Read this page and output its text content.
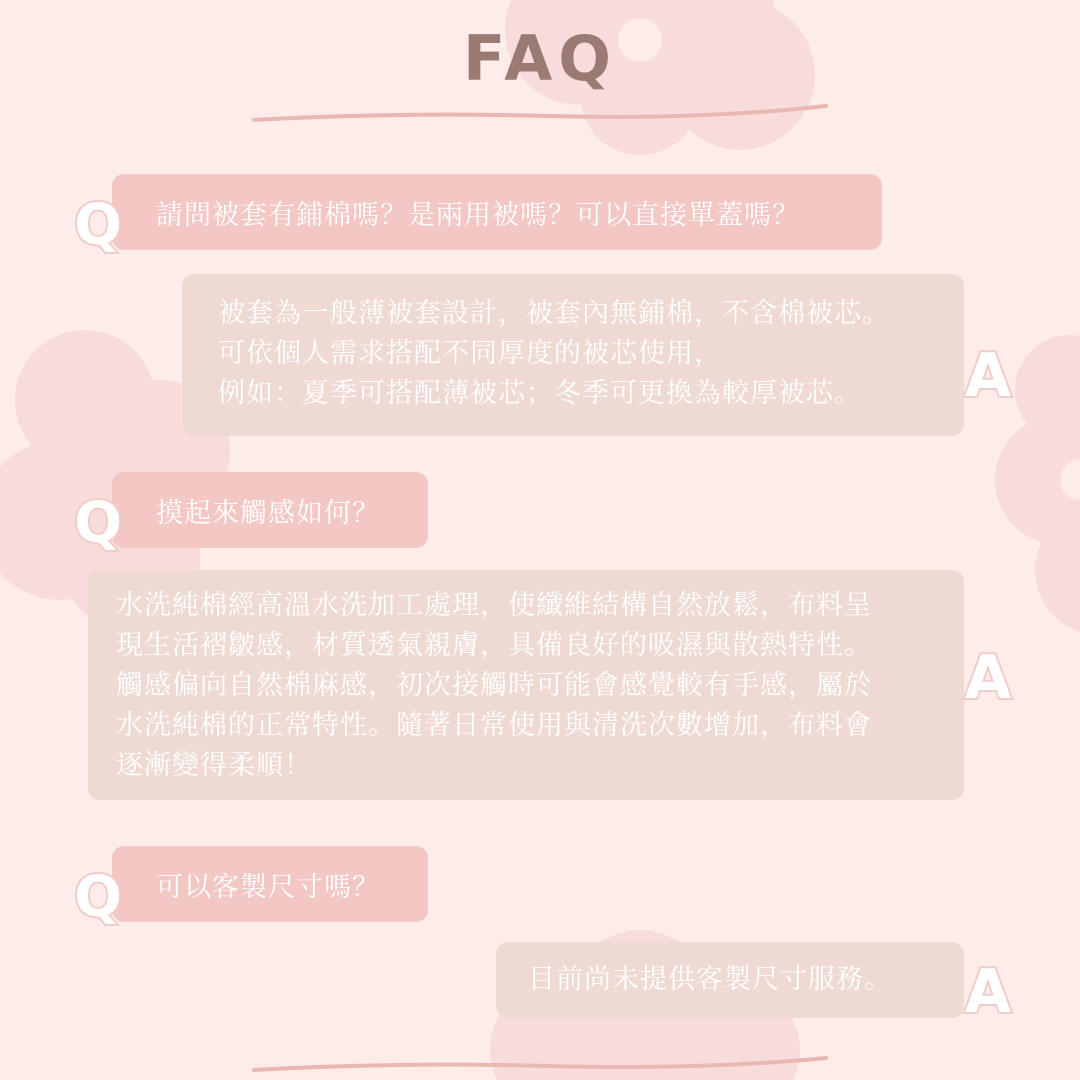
FAQ
請問被套有鋪棉嗎？是兩用被嗎？可以直接單蓋嗎？
Q
被套為一般薄被套設計，被套內無鋪棉，不含棉被芯。
可依個人需求搭配不同厚度的被芯使用，
例如：夏季可搭配薄被芯；冬季可更換為較厚被芯。	A
摸起來觸感如何？
Q
水洗純棉經高溫水洗加工處理，使纖維結構自然放鬆，布料呈
現生活褶皺感，材質透氣親膚，具備良好的吸濕與散熱特性。
觸感偏向自然棉麻感，初次接觸時可能會感覺較有手感，屬於
水洗純棉的正常特性。隨著日常使用與清洗次數增加，布料會
逐漸變得柔順！
A
可以客製尺寸嗎？
Q
目前尚未提供客製尺寸服務。 A
